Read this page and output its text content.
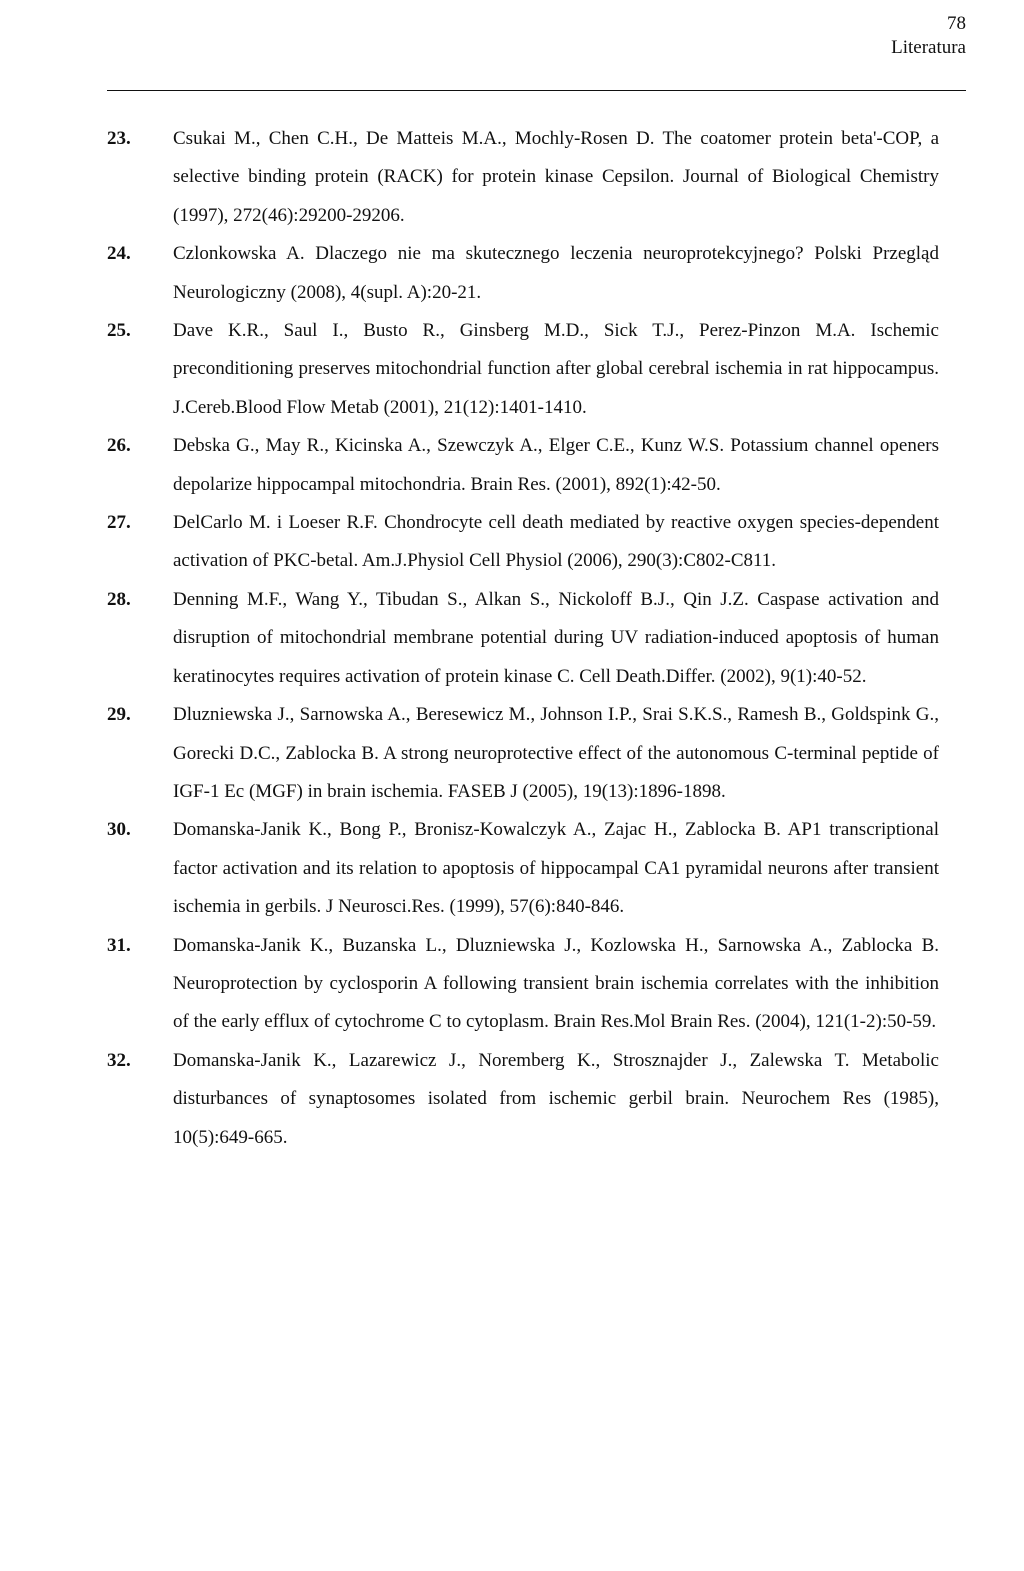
78
Literatura
23. Csukai M., Chen C.H., De Matteis M.A., Mochly-Rosen D. The coatomer protein beta'-COP, a selective binding protein (RACK) for protein kinase Cepsilon. Journal of Biological Chemistry (1997), 272(46):29200-29206.
24. Czlonkowska A. Dlaczego nie ma skutecznego leczenia neuroprotekcyjnego? Polski Przegląd Neurologiczny (2008), 4(supl. A):20-21.
25. Dave K.R., Saul I., Busto R., Ginsberg M.D., Sick T.J., Perez-Pinzon M.A. Ischemic preconditioning preserves mitochondrial function after global cerebral ischemia in rat hippocampus. J.Cereb.Blood Flow Metab (2001), 21(12):1401-1410.
26. Debska G., May R., Kicinska A., Szewczyk A., Elger C.E., Kunz W.S. Potassium channel openers depolarize hippocampal mitochondria. Brain Res. (2001), 892(1):42-50.
27. DelCarlo M. i Loeser R.F. Chondrocyte cell death mediated by reactive oxygen species-dependent activation of PKC-betal. Am.J.Physiol Cell Physiol (2006), 290(3):C802-C811.
28. Denning M.F., Wang Y., Tibudan S., Alkan S., Nickoloff B.J., Qin J.Z. Caspase activation and disruption of mitochondrial membrane potential during UV radiation-induced apoptosis of human keratinocytes requires activation of protein kinase C. Cell Death.Differ. (2002), 9(1):40-52.
29. Dluzniewska J., Sarnowska A., Beresewicz M., Johnson I.P., Srai S.K.S., Ramesh B., Goldspink G., Gorecki D.C., Zablocka B. A strong neuroprotective effect of the autonomous C-terminal peptide of IGF-1 Ec (MGF) in brain ischemia. FASEB J (2005), 19(13):1896-1898.
30. Domanska-Janik K., Bong P., Bronisz-Kowalczyk A., Zajac H., Zablocka B. AP1 transcriptional factor activation and its relation to apoptosis of hippocampal CA1 pyramidal neurons after transient ischemia in gerbils. J Neurosci.Res. (1999), 57(6):840-846.
31. Domanska-Janik K., Buzanska L., Dluzniewska J., Kozlowska H., Sarnowska A., Zablocka B. Neuroprotection by cyclosporin A following transient brain ischemia correlates with the inhibition of the early efflux of cytochrome C to cytoplasm. Brain Res.Mol Brain Res. (2004), 121(1-2):50-59.
32. Domanska-Janik K., Lazarewicz J., Noremberg K., Strosznajder J., Zalewska T. Metabolic disturbances of synaptosomes isolated from ischemic gerbil brain. Neurochem Res (1985), 10(5):649-665.
